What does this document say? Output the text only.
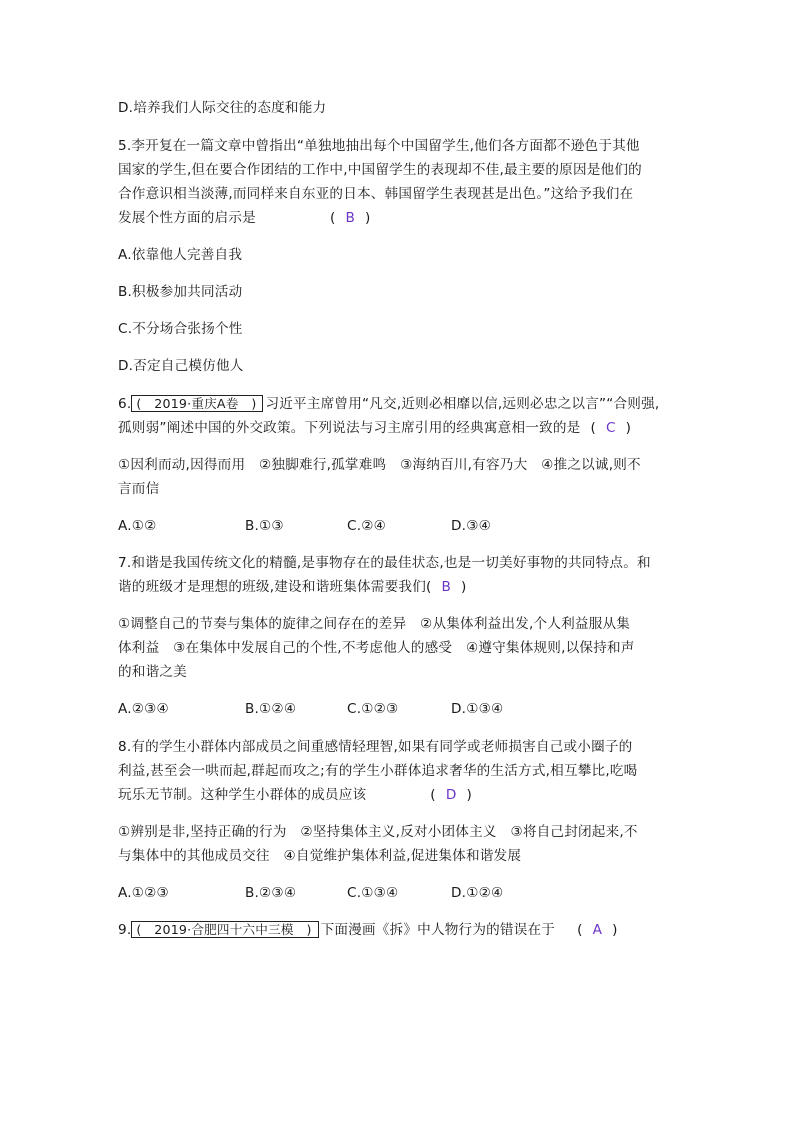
D.培养我们人际交往的态度和能力
5.李开复在一篇文章中曾指出“单独地抽出每个中国留学生,他们各方面都不逊色于其他
国家的学生,但在要合作团结的工作中,中国留学生的表现却不佳,最主要的原因是他们的
合作意识相当淡薄,而同样来自东亚的日本、韩国留学生表现甚是出色。”这给予我们在
发展个性方面的启示是	( B )
A.依靠他人完善自我
B.积极参加共同活动
C.不分场合张扬个性
D.否定自己模仿他人
6. (　2019·重庆A卷　) 习近平主席曾用“凡交,近则必相靡以信,远则必忠之以言”“合则强,
孤则弱”阐述中国的外交政策。下列说法与习主席引用的经典寓意相一致的是 ( C )
①因利而动,因得而用　②独脚难行,孤掌难鸣　③海纳百川,有容乃大　④推之以诚,则不
言而信
A.①②	B.①③	C.②④	D.③④
7.和谐是我国传统文化的精髓,是事物存在的最佳状态,也是一切美好事物的共同特点。和
谐的班级才是理想的班级,建设和谐班集体需要我们( B )
①调整自己的节奏与集体的旋律之间存在的差异　②从集体利益出发,个人利益服从集
体利益　③在集体中发展自己的个性,不考虑他人的感受　④遵守集体规则,以保持和声
的和谐之美
A.②③④	B.①②④	C.①②③	D.①③④
8.有的学生小群体内部成员之间重感情轻理智,如果有同学或老师损害自己或小圈子的
利益,甚至会一哄而起,群起而攻之;有的学生小群体追求奢华的生活方式,相互攀比,吃喝
玩乐无节制。这种学生小群体的成员应该	( D )
①辨别是非,坚持正确的行为　②坚持集体主义,反对小团体主义　③将自己封闭起来,不
与集体中的其他成员交往　④自觉维护集体利益,促进集体和谐发展
A.①②③	B.②③④	C.①③④	D.①②④
9. (　2019·合肥四十六中三模　) 下面漫画《拆》中人物行为的错误在于 ( A )
